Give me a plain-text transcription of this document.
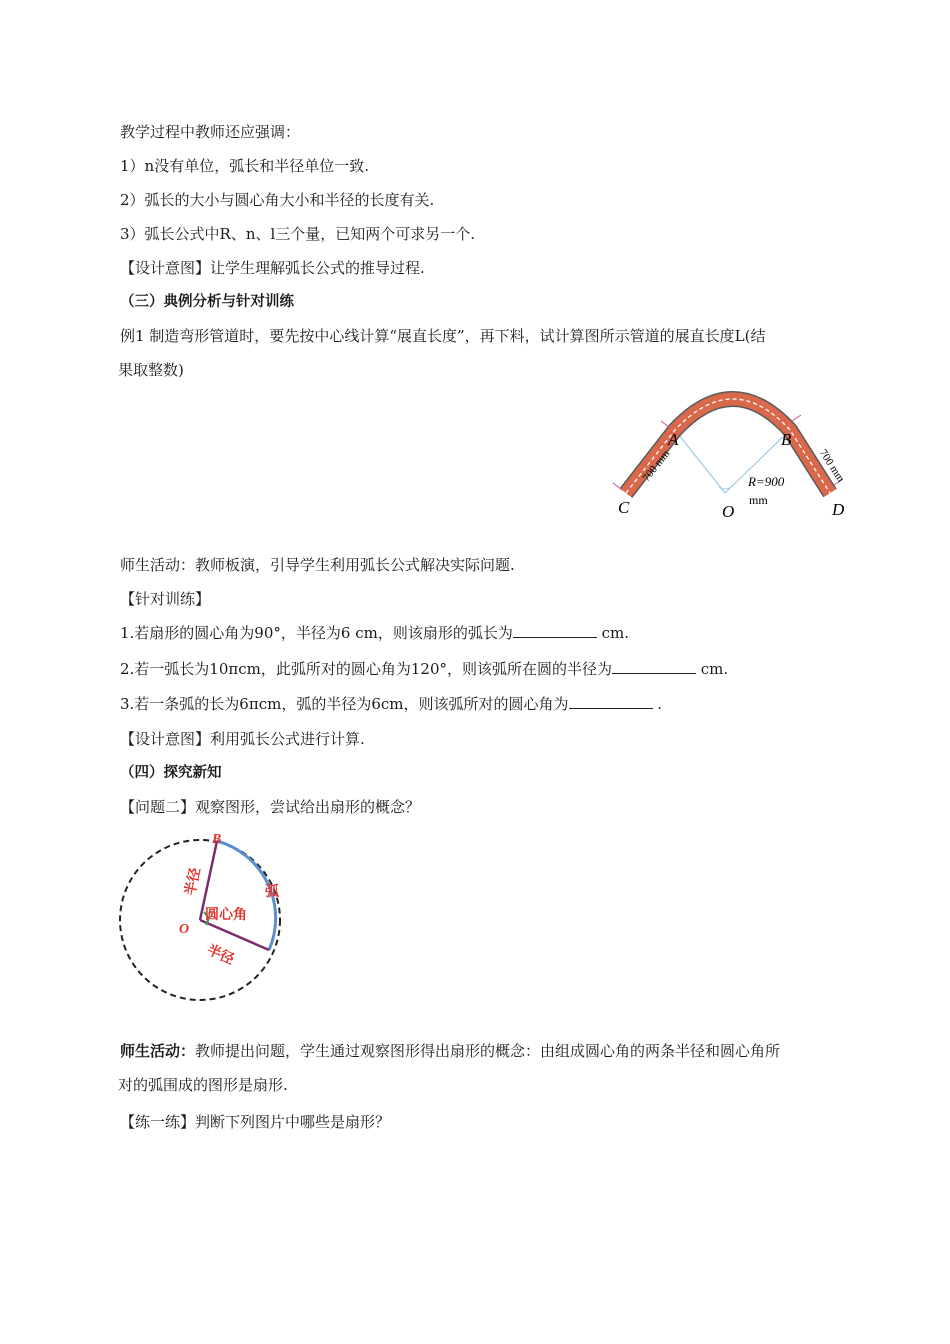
教学过程中教师还应强调：
1）n没有单位，弧长和半径单位一致.
2）弧长的大小与圆心角大小和半径的长度有关.
3）弧长公式中R、n、l三个量，已知两个可求另一个.
【设计意图】让学生理解弧长公式的推导过程.
（三）典例分析与针对训练
例1 制造弯形管道时，要先按中心线计算“展直长度”，再下料，试计算图所示管道的展直长度L(结
果取整数)
700 mm	700 mm
A	B
C	D
O
R=900
mm
师生活动：教师板演，引导学生利用弧长公式解决实际问题.
【针对训练】
1.若扇形的圆心角为90°，半径为6 cm，则该扇形的弧长为	cm.
2.若一弧长为10πcm，此弧所对的圆心角为120°，则该弧所在圆的半径为	cm.
3.若一条弧的长为6πcm，弧的半径为6cm，则该弧所对的圆心角为	.
【设计意图】利用弧长公式进行计算.
（四）探究新知
【问题二】观察图形，尝试给出扇形的概念？
B
O
半径
半径
圆心角
弧
师生活动：教师提出问题，学生通过观察图形得出扇形的概念：由组成圆心角的两条半径和圆心角所
对的弧围成的图形是扇形.
【练一练】判断下列图片中哪些是扇形？
